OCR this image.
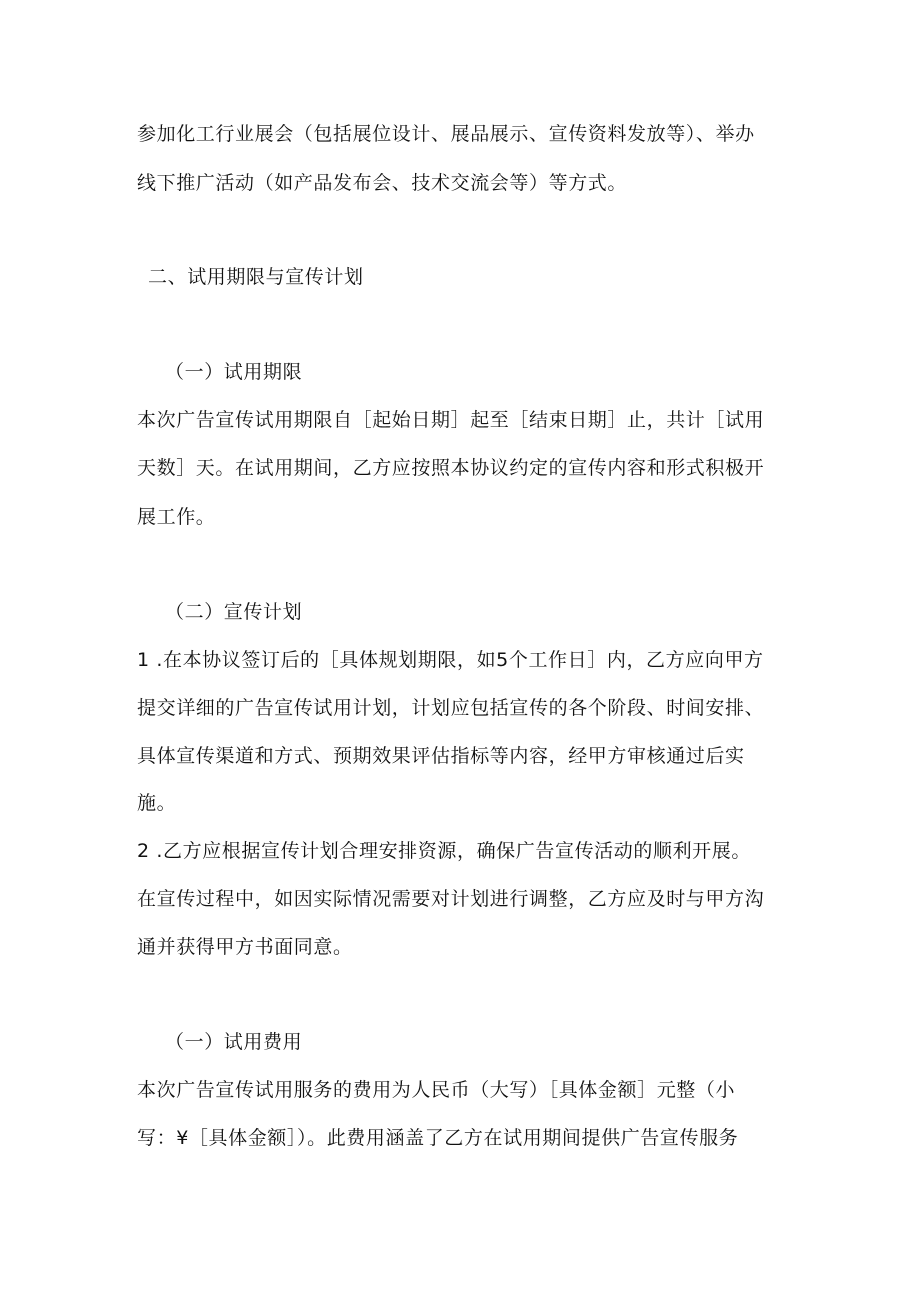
参加化工行业展会（包括展位设计、展品展示、宣传资料发放等）、举办
线下推广活动（如产品发布会、技术交流会等）等方式。
二、试用期限与宣传计划
（一）试用期限
本次广告宣传试用期限自［起始日期］起至［结束日期］止，共计［试用
天数］天。在试用期间，乙方应按照本协议约定的宣传内容和形式积极开
展工作。
（二）宣传计划
1 .在本协议签订后的［具体规划期限，如5个工作日］内，乙方应向甲方
提交详细的广告宣传试用计划，计划应包括宣传的各个阶段、时间安排、
具体宣传渠道和方式、预期效果评估指标等内容，经甲方审核通过后实
施。
2 .乙方应根据宣传计划合理安排资源，确保广告宣传活动的顺利开展。
在宣传过程中，如因实际情况需要对计划进行调整，乙方应及时与甲方沟
通并获得甲方书面同意。
（一）试用费用
本次广告宣传试用服务的费用为人民币（大写）［具体金额］元整（小
写：¥［具体金额］）。此费用涵盖了乙方在试用期间提供广告宣传服务
